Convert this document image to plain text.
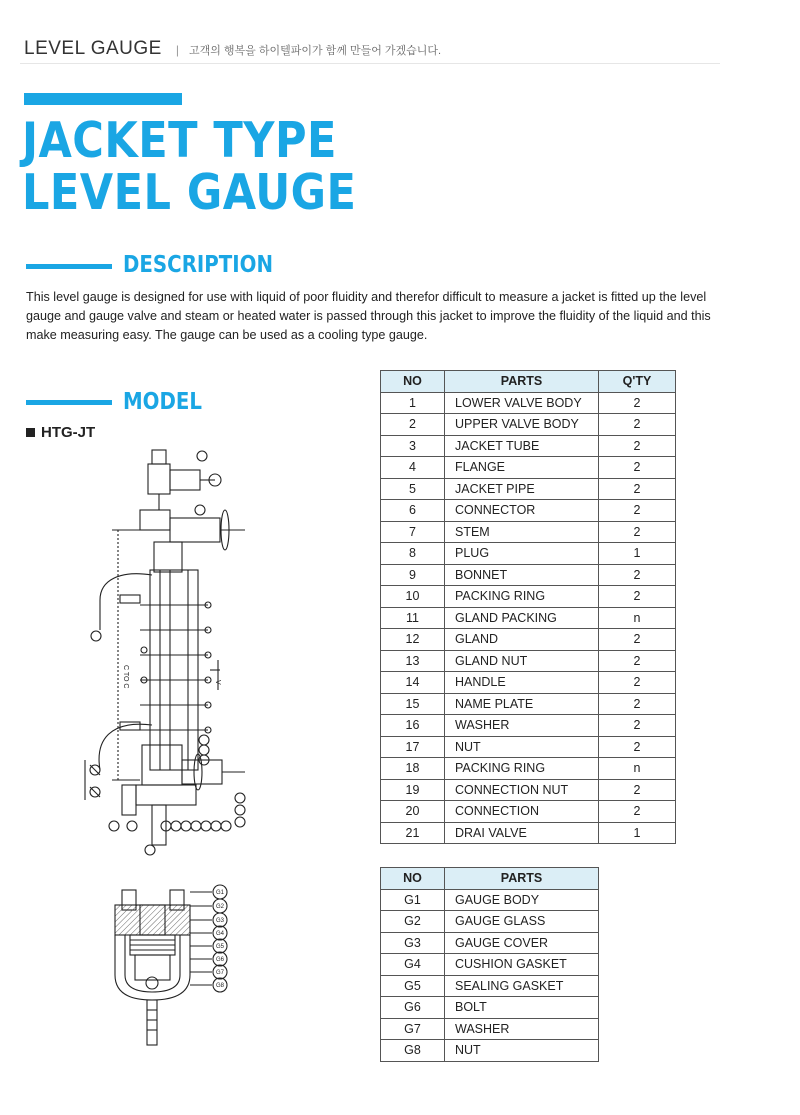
LEVEL GAUGE | 고객의 행복을 하이텔파이가 함께 만들어 가겠습니다.
JACKET TYPE
LEVEL GAUGE
DESCRIPTION
This level gauge is designed for use with liquid of poor fluidity and therefor difficult to measure a jacket is fitted up the level gauge and gauge valve and steam or heated water is passed through this jacket to improve the fluidity of the liquid and this make measuring easy. The gauge can be used as a cooling type gauge.
MODEL
HTG-JT
C TO C	V
G1
G2
G3
G4
G5
G6
G7
G8
NO	PARTS	Q'TY
1	LOWER VALVE BODY	2
2	UPPER VALVE BODY	2
3	JACKET TUBE	2
4	FLANGE	2
5	JACKET PIPE	2
6	CONNECTOR	2
7	STEM	2
8	PLUG	1
9	BONNET	2
10	PACKING RING	2
11	GLAND PACKING	n
12	GLAND	2
13	GLAND NUT	2
14	HANDLE	2
15	NAME PLATE	2
16	WASHER	2
17	NUT	2
18	PACKING RING	n
19	CONNECTION NUT	2
20	CONNECTION	2
21	DRAI VALVE	1
NO	PARTS
G1	GAUGE BODY
G2	GAUGE GLASS
G3	GAUGE COVER
G4	CUSHION GASKET
G5	SEALING GASKET
G6	BOLT
G7	WASHER
G8	NUT
